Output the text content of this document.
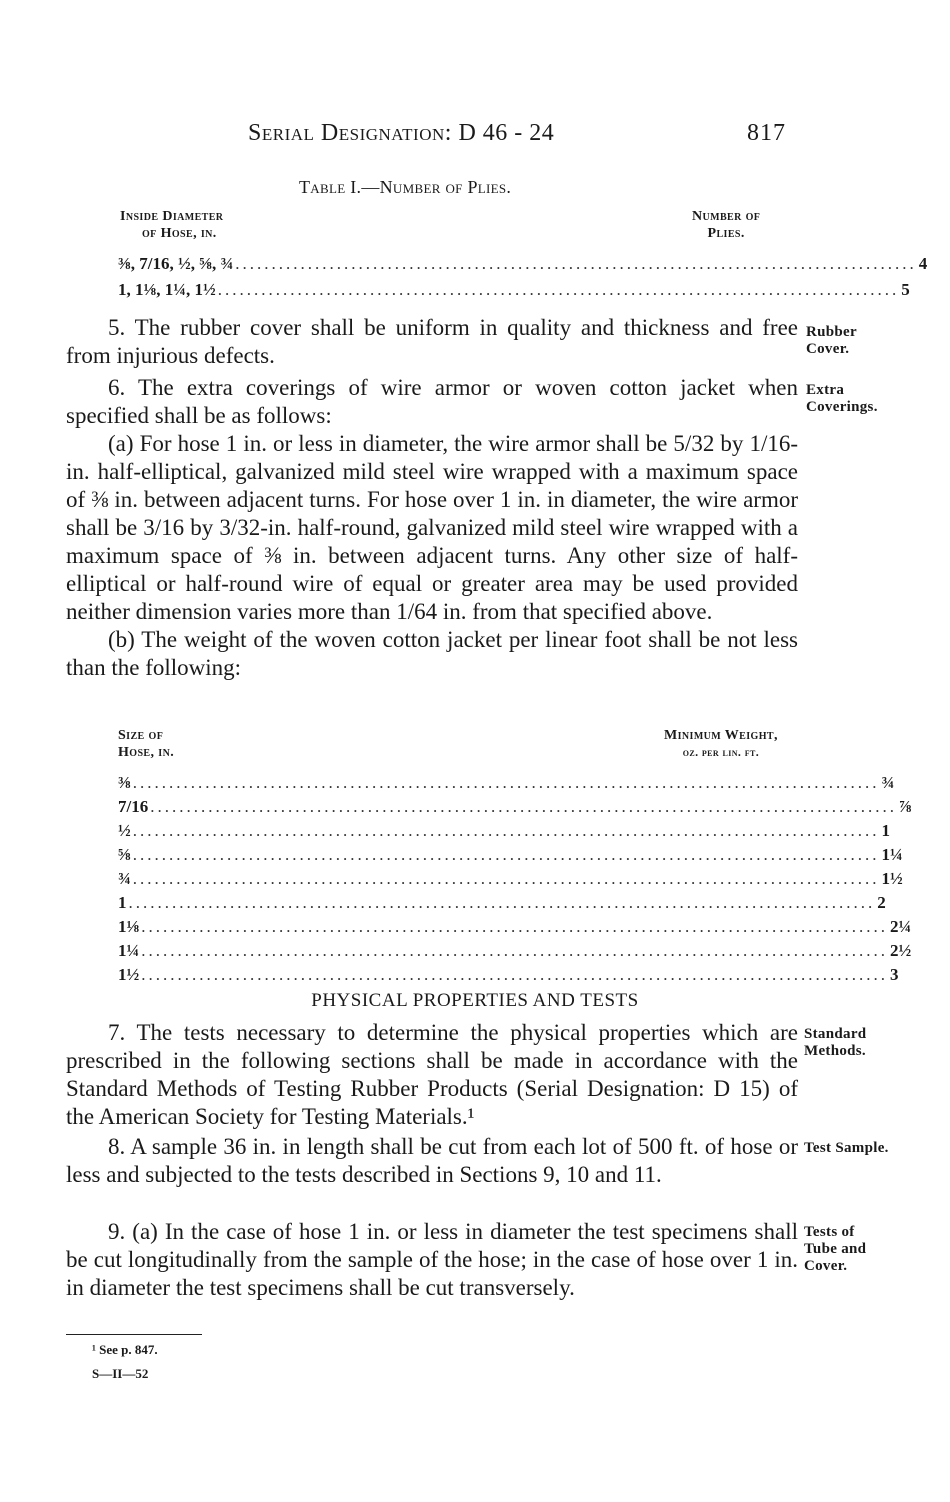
Serial Designation: D 46 - 24	817
Table I.—Number of Plies.
Inside Diameter
of Hose, in.
Number of
Plies.
⅜, 7/16, ½, ⅝, ¾ .............................................................................................. 4
1, 1⅛, 1¼, 1½ .............................................................................................. 5

5. The rubber cover shall be uniform in quality and thickness and free from injurious defects.

Rubber
Cover.

6. The extra coverings of wire armor or woven cotton jacket when specified shall be as follows:

(a) For hose 1 in. or less in diameter, the wire armor shall be 5/32 by 1/16-in. half-elliptical, galvanized mild steel wire wrapped with a maximum space of ⅜ in. between adjacent turns. For hose over 1 in. in diameter, the wire armor shall be 3/16 by 3/32-in. half-round, galvanized mild steel wire wrapped with a maximum space of ⅜ in. between adjacent turns. Any other size of half-elliptical or half-round wire of equal or greater area may be used provided neither dimension varies more than 1/64 in. from that specified above.

(b) The weight of the woven cotton jacket per linear foot shall be not less than the following:

Extra
Coverings.
Size of
Hose, in.
Minimum Weight,
oz. per lin. ft.
⅜ ....................................................................................................... ¾
7/16 ....................................................................................................... ⅞
½ ....................................................................................................... 1
⅝ ....................................................................................................... 1¼
¾ ....................................................................................................... 1½
1 ....................................................................................................... 2
1⅛ ....................................................................................................... 2¼
1¼ ....................................................................................................... 2½
1½ ....................................................................................................... 3
PHYSICAL PROPERTIES AND TESTS

7. The tests necessary to determine the physical properties which are prescribed in the following sections shall be made in accordance with the Standard Methods of Testing Rubber Products (Serial Designation: D 15) of the American Society for Testing Materials.¹

Standard
Methods.

8. A sample 36 in. in length shall be cut from each lot of 500 ft. of hose or less and subjected to the tests described in Sections 9, 10 and 11.

Test Sample.

9. (a) In the case of hose 1 in. or less in diameter the test specimens shall be cut longitudinally from the sample of the hose; in the case of hose over 1 in. in diameter the test specimens shall be cut transversely.

Tests of
Tube and
Cover.
¹ See p. 847.
S—II—52
